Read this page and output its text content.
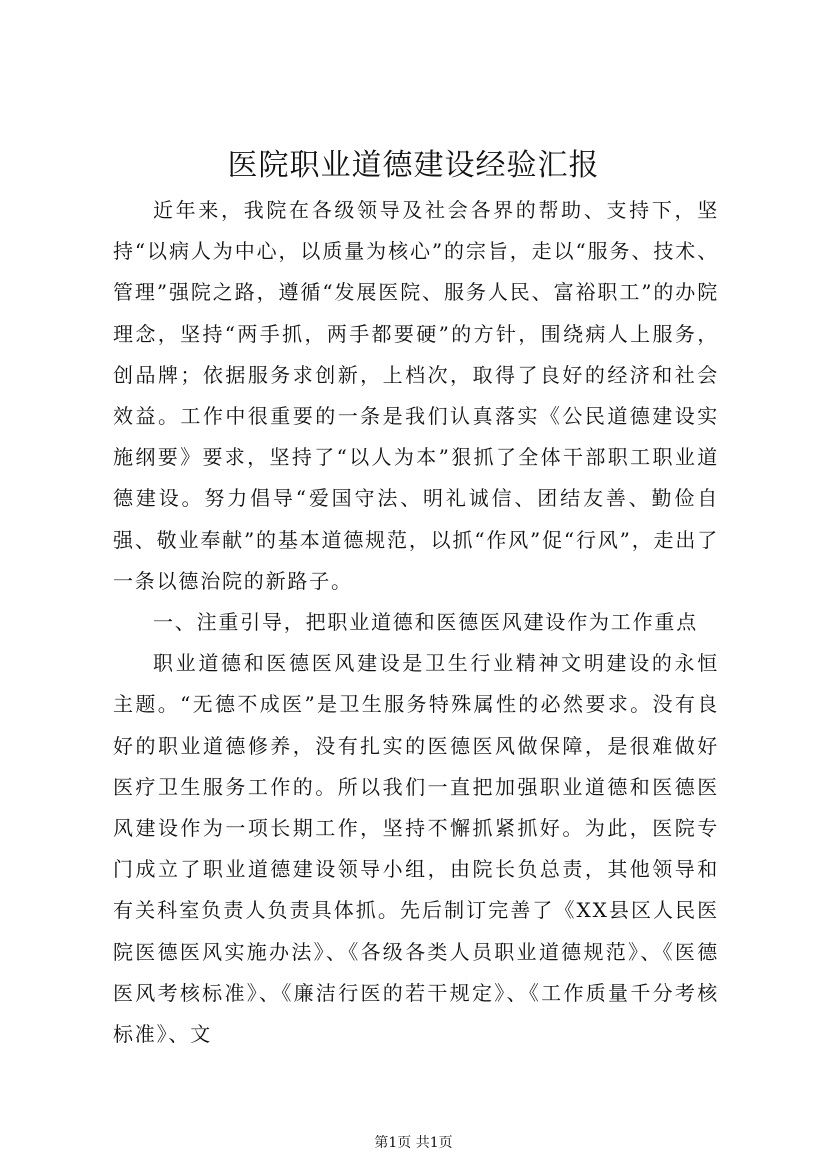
医院职业道德建设经验汇报

近年来，我院在各级领导及社会各界的帮助、支持下，坚持“以病人为中心，以质量为核心”的宗旨，走以“服务、技术、管理”强院之路，遵循“发展医院、服务人民、富裕职工”的办院理念，坚持“两手抓，两手都要硬”的方针，围绕病人上服务，创品牌；依据服务求创新，上档次，取得了良好的经济和社会效益。工作中很重要的一条是我们认真落实《公民道德建设实施纲要》要求，坚持了“以人为本”狠抓了全体干部职工职业道德建设。努力倡导“爱国守法、明礼诚信、团结友善、勤俭自强、敬业奉献”的基本道德规范，以抓“作风”促“行风”，走出了一条以德治院的新路子。

一、注重引导，把职业道德和医德医风建设作为工作重点

职业道德和医德医风建设是卫生行业精神文明建设的永恒主题。“无德不成医”是卫生服务特殊属性的必然要求。没有良好的职业道德修养，没有扎实的医德医风做保障，是很难做好医疗卫生服务工作的。所以我们一直把加强职业道德和医德医风建设作为一项长期工作，坚持不懈抓紧抓好。为此，医院专门成立了职业道德建设领导小组，由院长负总责，其他领导和有关科室负责人负责具体抓。先后制订完善了《XX县区人民医院医德医风实施办法》、《各级各类人员职业道德规范》、《医德医风考核标准》、《廉洁行医的若干规定》、《工作质量千分考核标准》、文

第1页 共1页
